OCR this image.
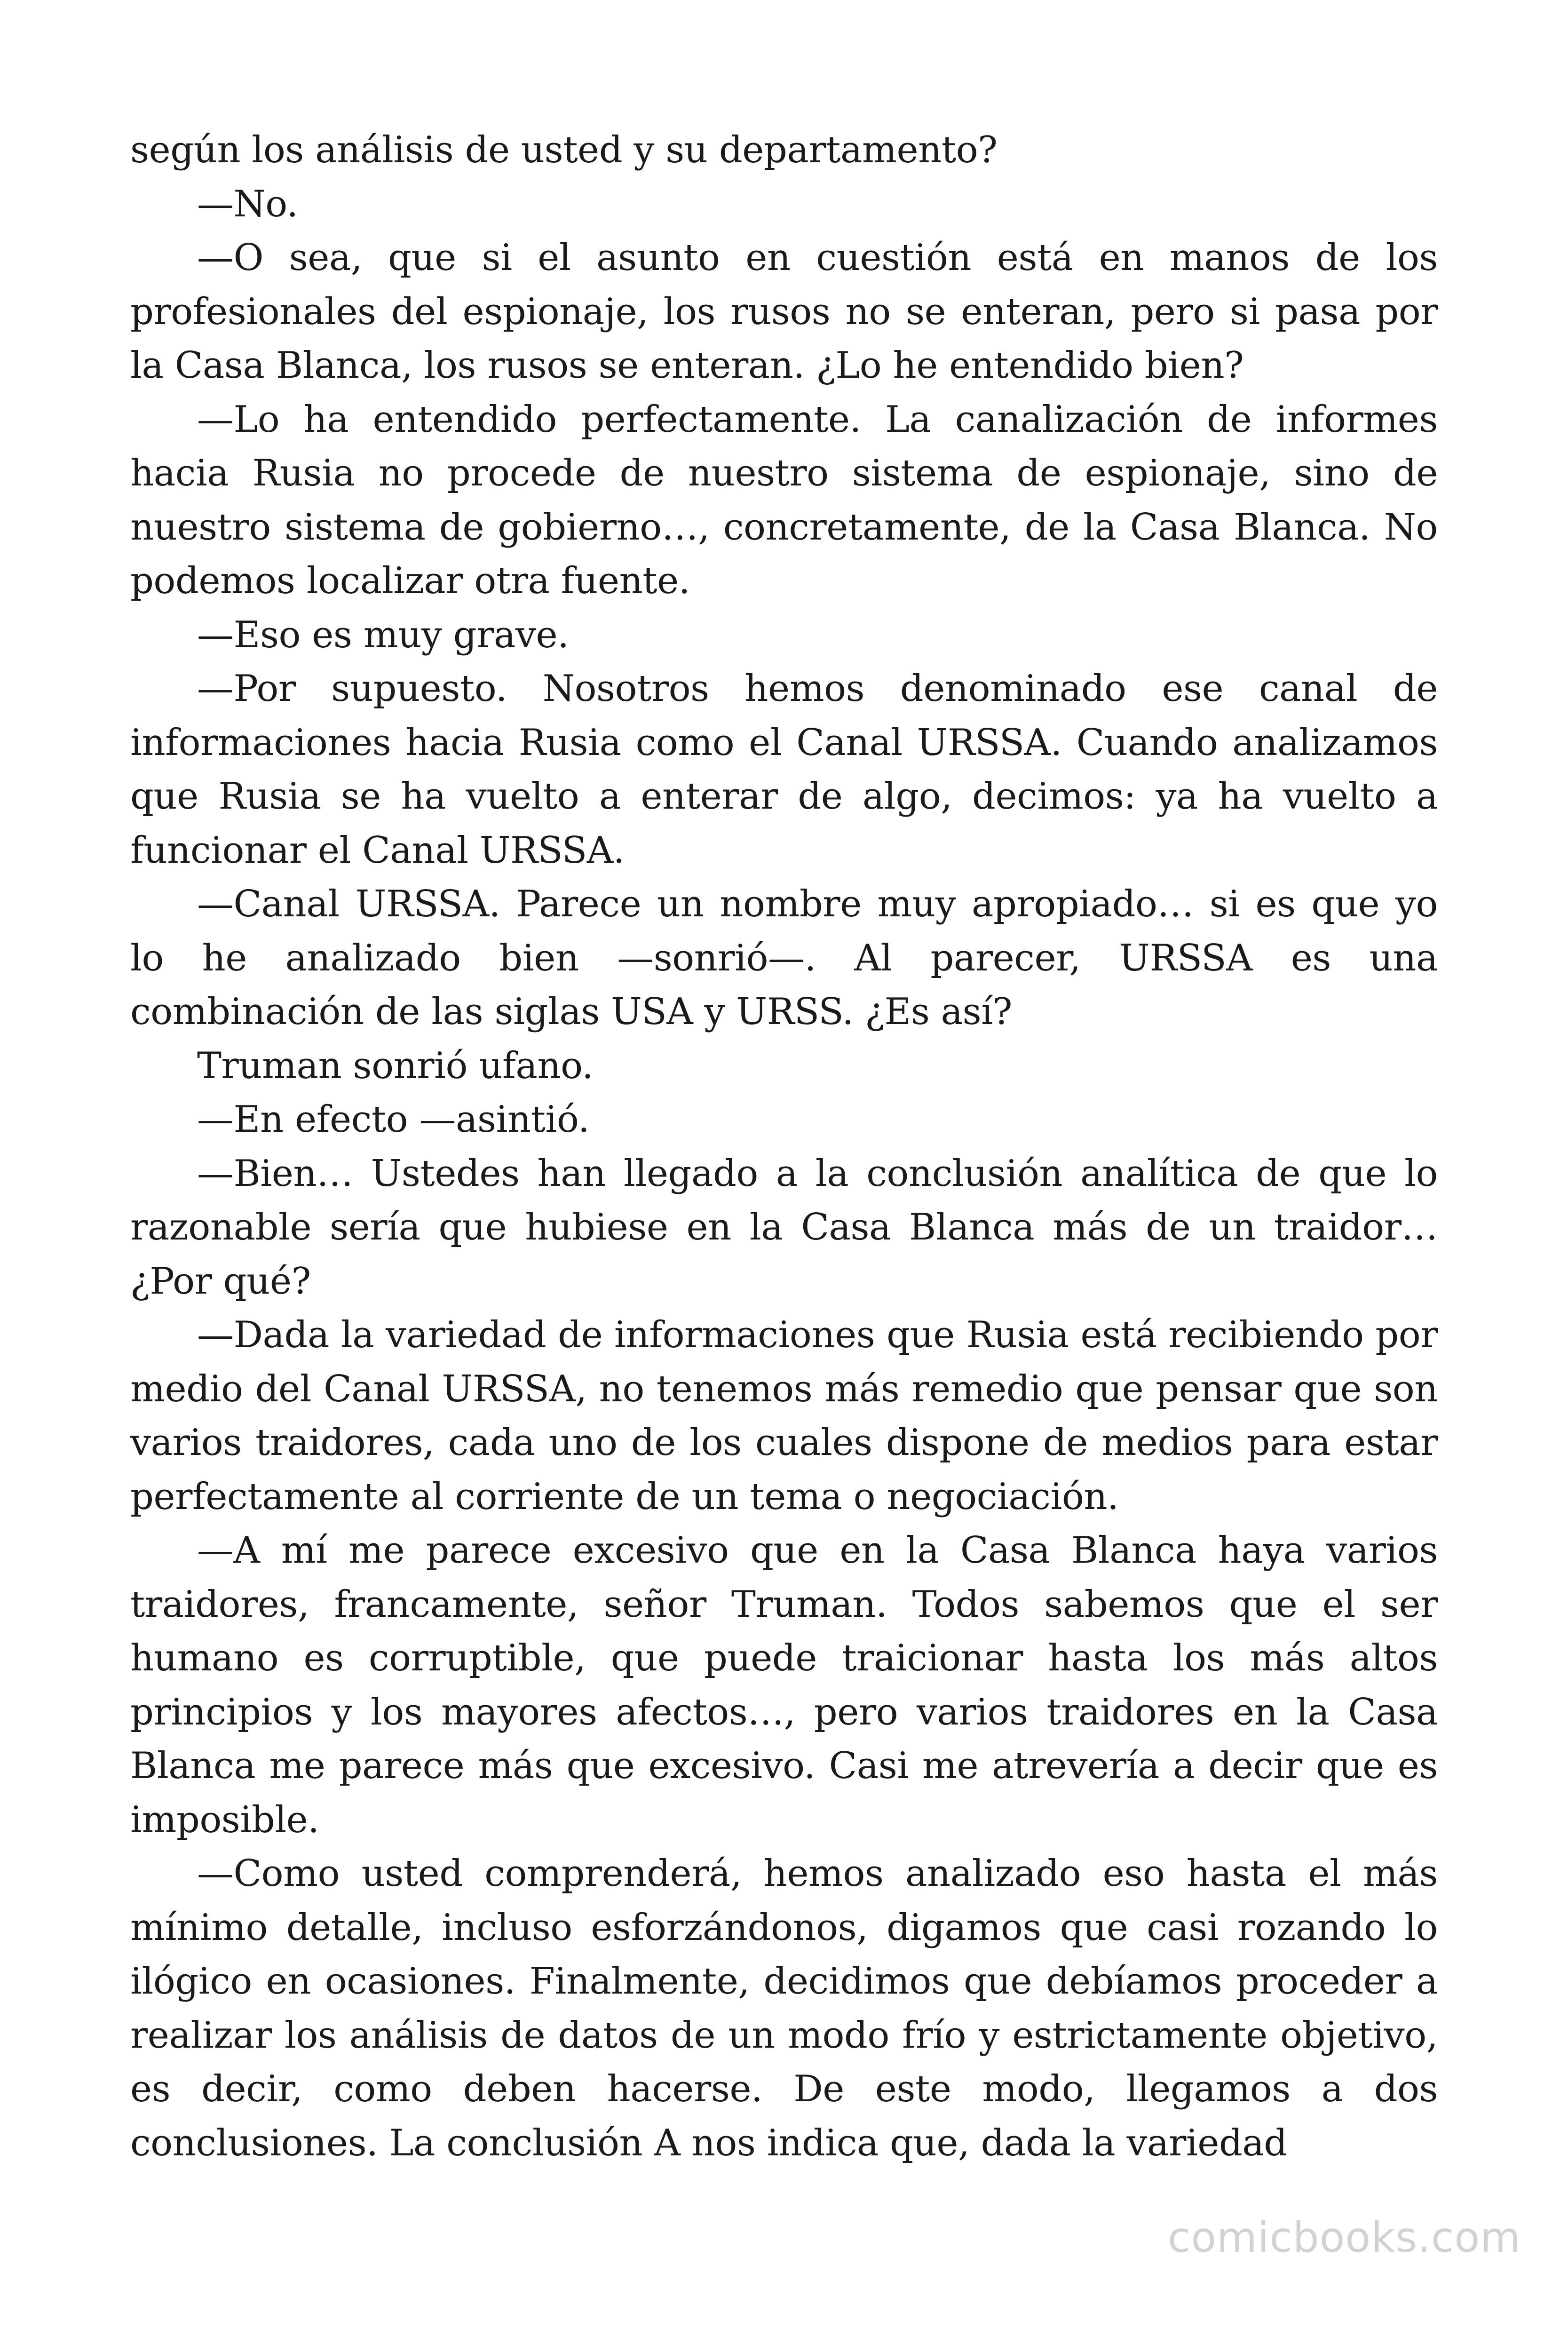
según los análisis de usted y su departamento?

—No.

—O sea, que si el asunto en cuestión está en manos de los profesionales del espionaje, los rusos no se enteran, pero si pasa por la Casa Blanca, los rusos se enteran. ¿Lo he entendido bien?

—Lo ha entendido perfectamente. La canalización de informes hacia Rusia no procede de nuestro sistema de espionaje, sino de nuestro sistema de gobierno…, concretamente, de la Casa Blanca. No podemos localizar otra fuente.

—Eso es muy grave.

—Por supuesto. Nosotros hemos denominado ese canal de informaciones hacia Rusia como el Canal URSSA. Cuando analizamos que Rusia se ha vuelto a enterar de algo, decimos: ya ha vuelto a funcionar el Canal URSSA.

—Canal URSSA. Parece un nombre muy apropiado… si es que yo lo he analizado bien —sonrió—. Al parecer, URSSA es una combinación de las siglas USA y URSS. ¿Es así?

Truman sonrió ufano.

—En efecto —asintió.

—Bien… Ustedes han llegado a la conclusión analítica de que lo razonable sería que hubiese en la Casa Blanca más de un traidor… ¿Por qué?

—Dada la variedad de informaciones que Rusia está recibiendo por medio del Canal URSSA, no tenemos más remedio que pensar que son varios traidores, cada uno de los cuales dispone de medios para estar perfectamente al corriente de un tema o negociación.

—A mí me parece excesivo que en la Casa Blanca haya varios traidores, francamente, señor Truman. Todos sabemos que el ser humano es corruptible, que puede traicionar hasta los más altos principios y los mayores afectos…, pero varios traidores en la Casa Blanca me parece más que excesivo. Casi me atrevería a decir que es imposible.

—Como usted comprenderá, hemos analizado eso hasta el más mínimo detalle, incluso esforzándonos, digamos que casi rozando lo ilógico en ocasiones. Finalmente, decidimos que debíamos proceder a realizar los análisis de datos de un modo frío y estrictamente objetivo, es decir, como deben hacerse. De este modo, llegamos a dos conclusiones. La conclusión A nos indica que, dada la variedad

comicbooks.com
